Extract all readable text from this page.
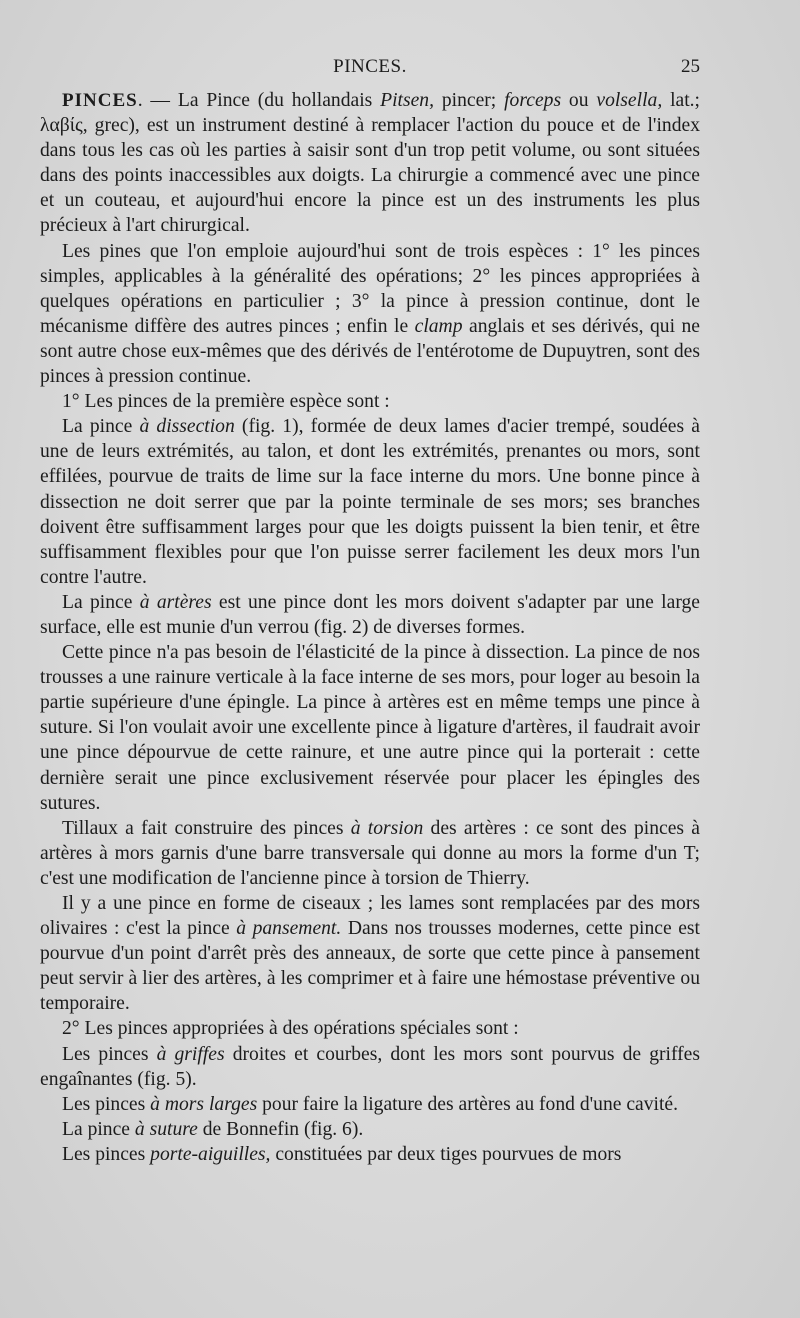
PINCES.	25

PINCES. — La Pince (du hollandais Pitsen, pincer; forceps ou volsella, lat.; λαβίς, grec), est un instrument destiné à remplacer l'action du pouce et de l'index dans tous les cas où les parties à saisir sont d'un trop petit volume, ou sont situées dans des points inaccessibles aux doigts. La chirurgie a commencé avec une pince et un couteau, et aujourd'hui encore la pince est un des instruments les plus précieux à l'art chirurgical.

Les pines que l'on emploie aujourd'hui sont de trois espèces : 1° les pinces simples, applicables à la généralité des opérations; 2° les pinces appropriées à quelques opérations en particulier ; 3° la pince à pression continue, dont le mécanisme diffère des autres pinces ; enfin le clamp anglais et ses dérivés, qui ne sont autre chose eux-mêmes que des dérivés de l'entérotome de Dupuytren, sont des pinces à pression continue.

1° Les pinces de la première espèce sont :

La pince à dissection (fig. 1), formée de deux lames d'acier trempé, soudées à une de leurs extrémités, au talon, et dont les extrémités, prenantes ou mors, sont effilées, pourvue de traits de lime sur la face interne du mors. Une bonne pince à dissection ne doit serrer que par la pointe terminale de ses mors; ses branches doivent être suffisamment larges pour que les doigts puissent la bien tenir, et être suffisamment flexibles pour que l'on puisse serrer facilement les deux mors l'un contre l'autre.

La pince à artères est une pince dont les mors doivent s'adapter par une large surface, elle est munie d'un verrou (fig. 2) de diverses formes.

Cette pince n'a pas besoin de l'élasticité de la pince à dissection. La pince de nos trousses a une rainure verticale à la face interne de ses mors, pour loger au besoin la partie supérieure d'une épingle. La pince à artères est en même temps une pince à suture. Si l'on voulait avoir une excellente pince à ligature d'artères, il faudrait avoir une pince dépourvue de cette rainure, et une autre pince qui la porterait : cette dernière serait une pince exclusivement réservée pour placer les épingles des sutures.

Tillaux a fait construire des pinces à torsion des artères : ce sont des pinces à artères à mors garnis d'une barre transversale qui donne au mors la forme d'un T; c'est une modification de l'ancienne pince à torsion de Thierry.

Il y a une pince en forme de ciseaux ; les lames sont remplacées par des mors olivaires : c'est la pince à pansement. Dans nos trousses modernes, cette pince est pourvue d'un point d'arrêt près des anneaux, de sorte que cette pince à pansement peut servir à lier des artères, à les comprimer et à faire une hémostase préventive ou temporaire.

2° Les pinces appropriées à des opérations spéciales sont :

Les pinces à griffes droites et courbes, dont les mors sont pourvus de griffes engaînantes (fig. 5).

Les pinces à mors larges pour faire la ligature des artères au fond d'une cavité.

La pince à suture de Bonnefin (fig. 6).

Les pinces porte-aiguilles, constituées par deux tiges pourvues de mors
